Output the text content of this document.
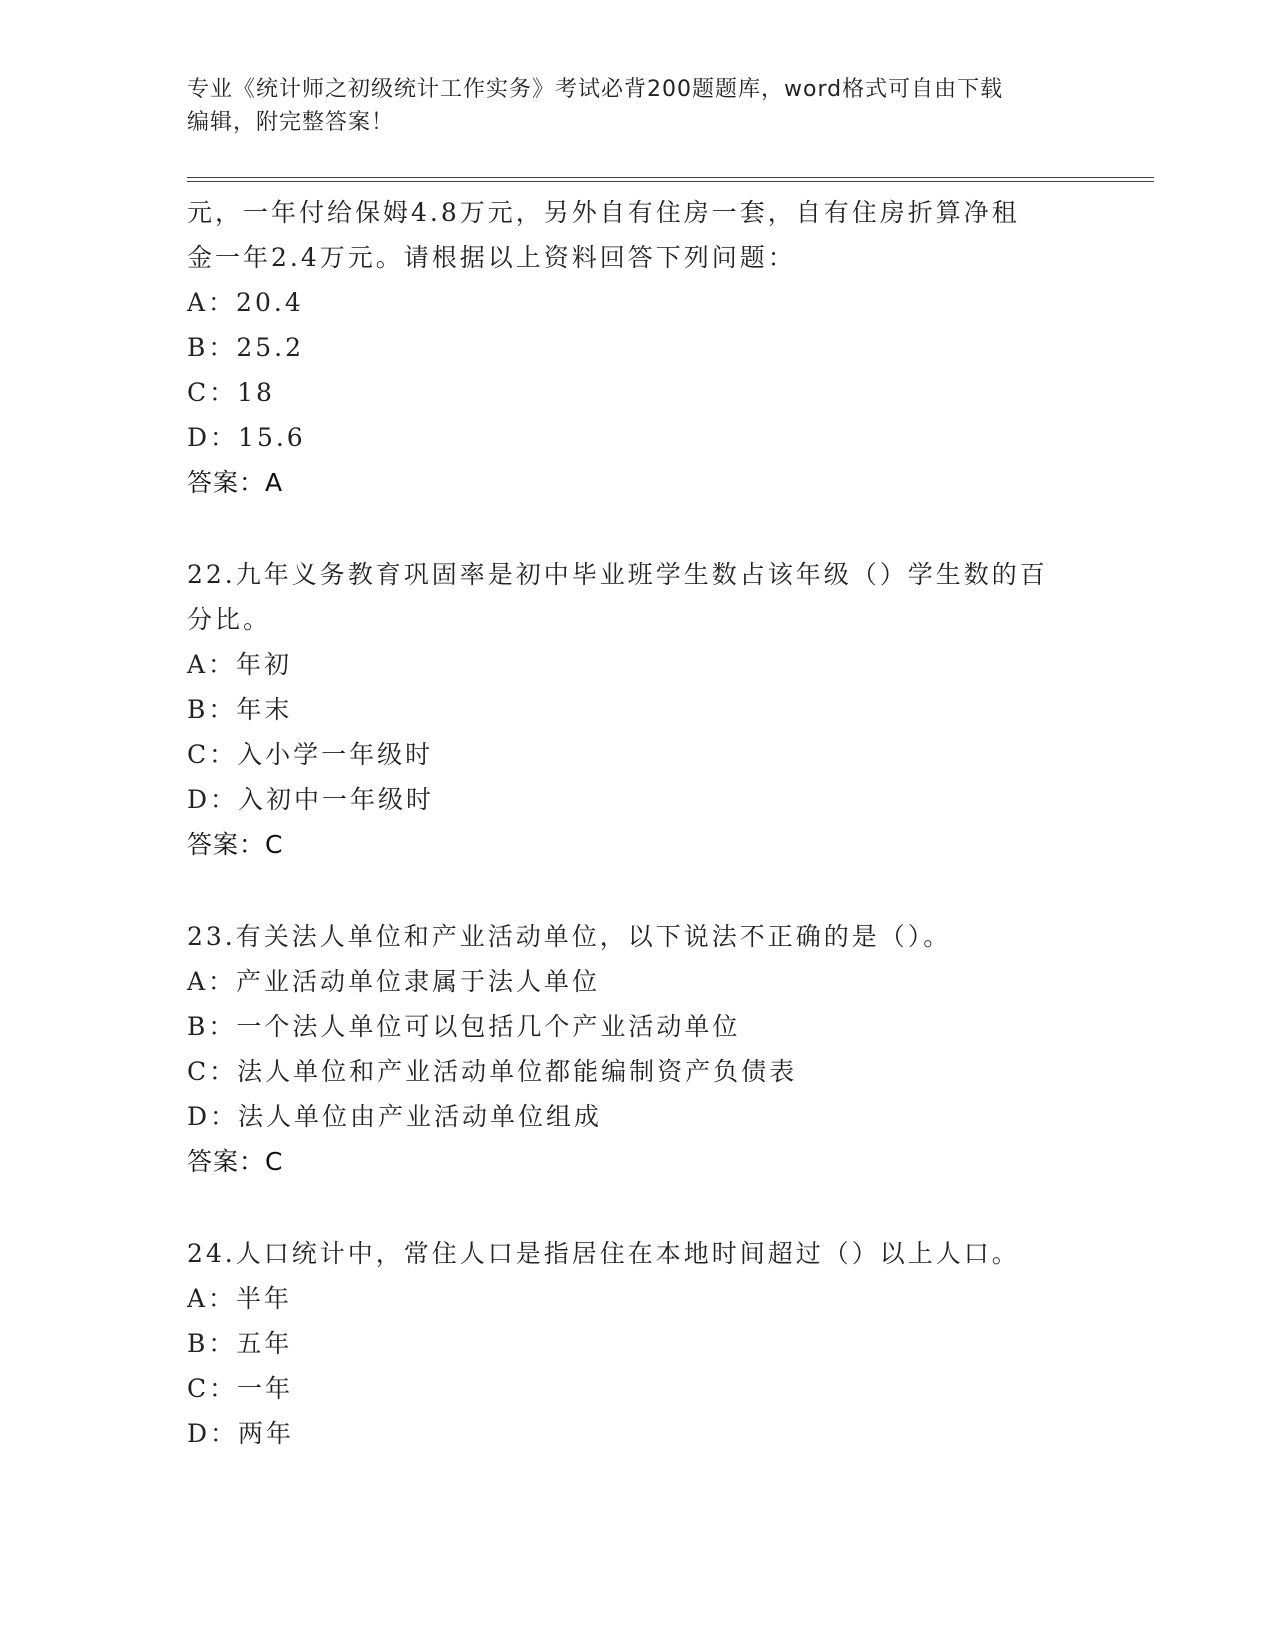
专业《统计师之初级统计工作实务》考试必背200题题库，word格式可自由下载
编辑，附完整答案！
元，一年付给保姆4.8万元，另外自有住房一套，自有住房折算净租
金一年2.4万元。请根据以上资料回答下列问题：
A：20.4
B：25.2
C：18
D：15.6
答案：A
22.九年义务教育巩固率是初中毕业班学生数占该年级（）学生数的百
分比。
A：年初
B：年末
C：入小学一年级时
D：入初中一年级时
答案：C
23.有关法人单位和产业活动单位，以下说法不正确的是（）。
A：产业活动单位隶属于法人单位
B：一个法人单位可以包括几个产业活动单位
C：法人单位和产业活动单位都能编制资产负债表
D：法人单位由产业活动单位组成
答案：C
24.人口统计中，常住人口是指居住在本地时间超过（）以上人口。
A：半年
B：五年
C：一年
D：两年
